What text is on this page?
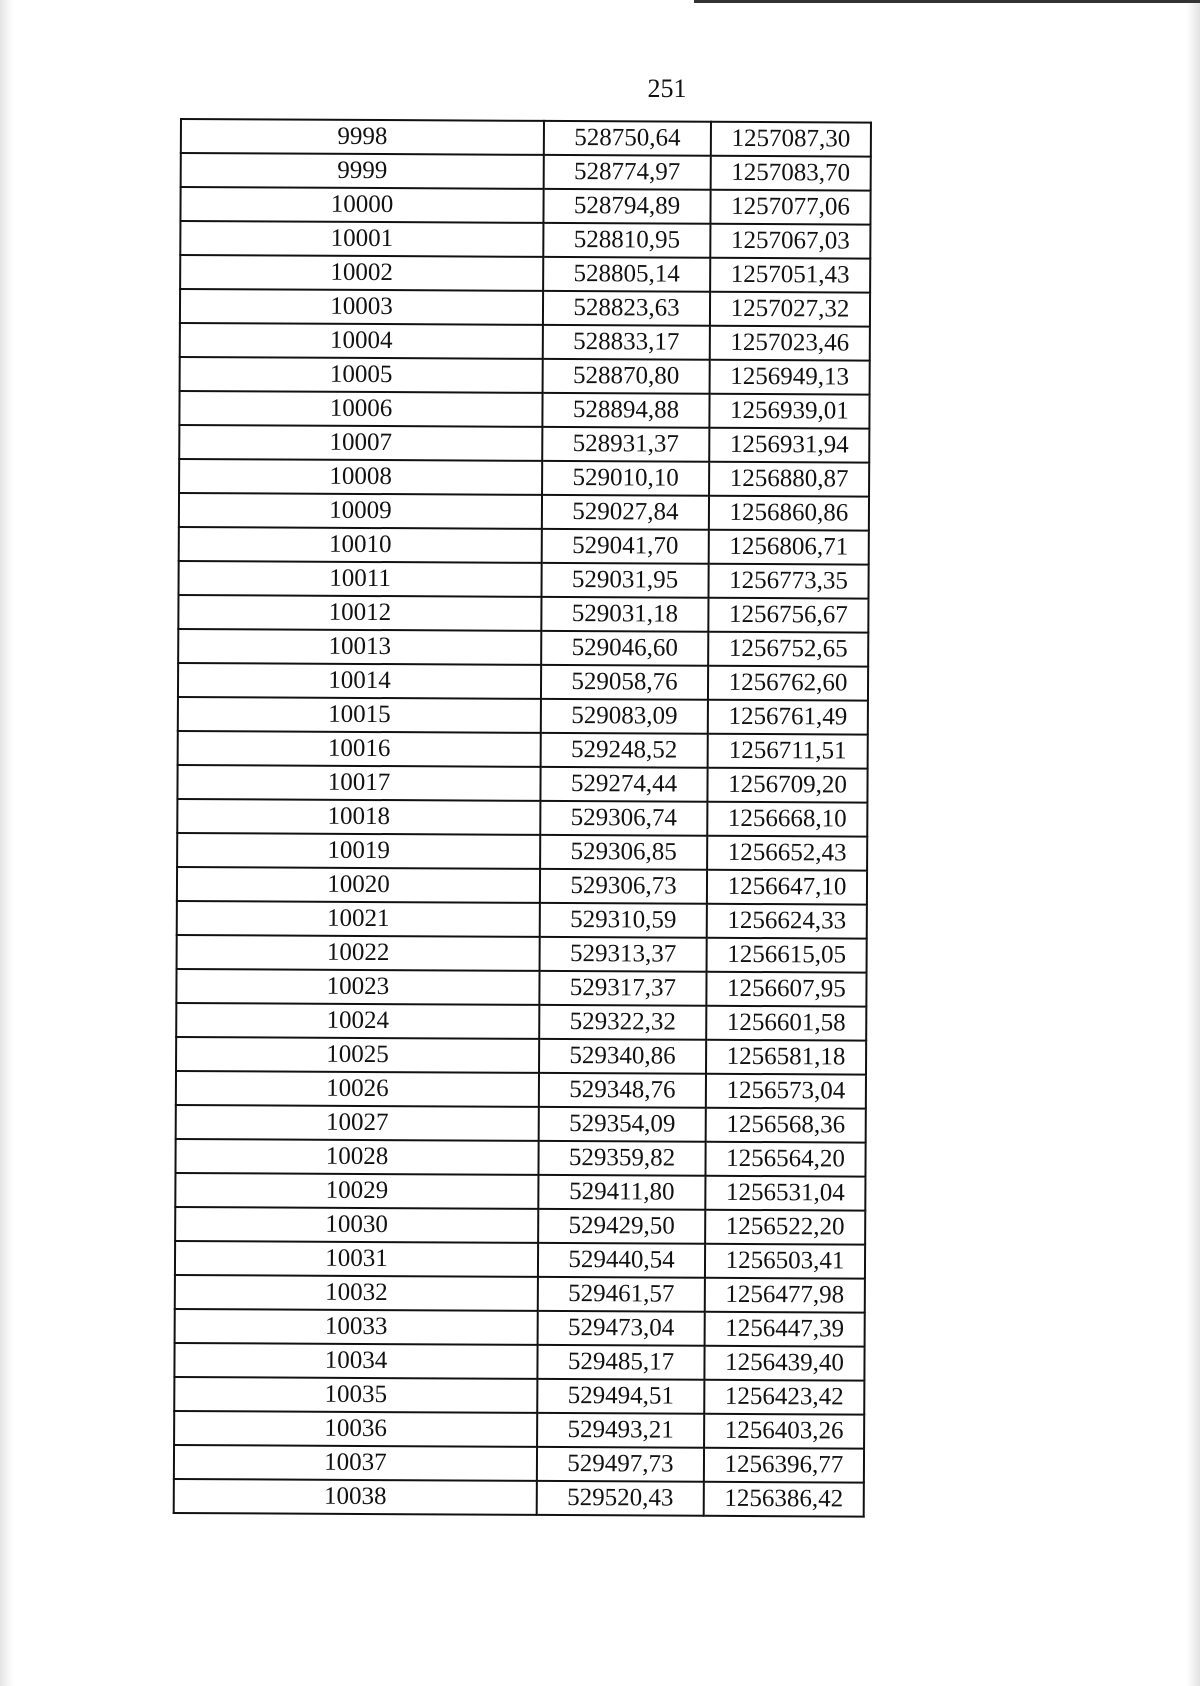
251
9998	528750,64	1257087,30
9999	528774,97	1257083,70
10000	528794,89	1257077,06
10001	528810,95	1257067,03
10002	528805,14	1257051,43
10003	528823,63	1257027,32
10004	528833,17	1257023,46
10005	528870,80	1256949,13
10006	528894,88	1256939,01
10007	528931,37	1256931,94
10008	529010,10	1256880,87
10009	529027,84	1256860,86
10010	529041,70	1256806,71
10011	529031,95	1256773,35
10012	529031,18	1256756,67
10013	529046,60	1256752,65
10014	529058,76	1256762,60
10015	529083,09	1256761,49
10016	529248,52	1256711,51
10017	529274,44	1256709,20
10018	529306,74	1256668,10
10019	529306,85	1256652,43
10020	529306,73	1256647,10
10021	529310,59	1256624,33
10022	529313,37	1256615,05
10023	529317,37	1256607,95
10024	529322,32	1256601,58
10025	529340,86	1256581,18
10026	529348,76	1256573,04
10027	529354,09	1256568,36
10028	529359,82	1256564,20
10029	529411,80	1256531,04
10030	529429,50	1256522,20
10031	529440,54	1256503,41
10032	529461,57	1256477,98
10033	529473,04	1256447,39
10034	529485,17	1256439,40
10035	529494,51	1256423,42
10036	529493,21	1256403,26
10037	529497,73	1256396,77
10038	529520,43	1256386,42
